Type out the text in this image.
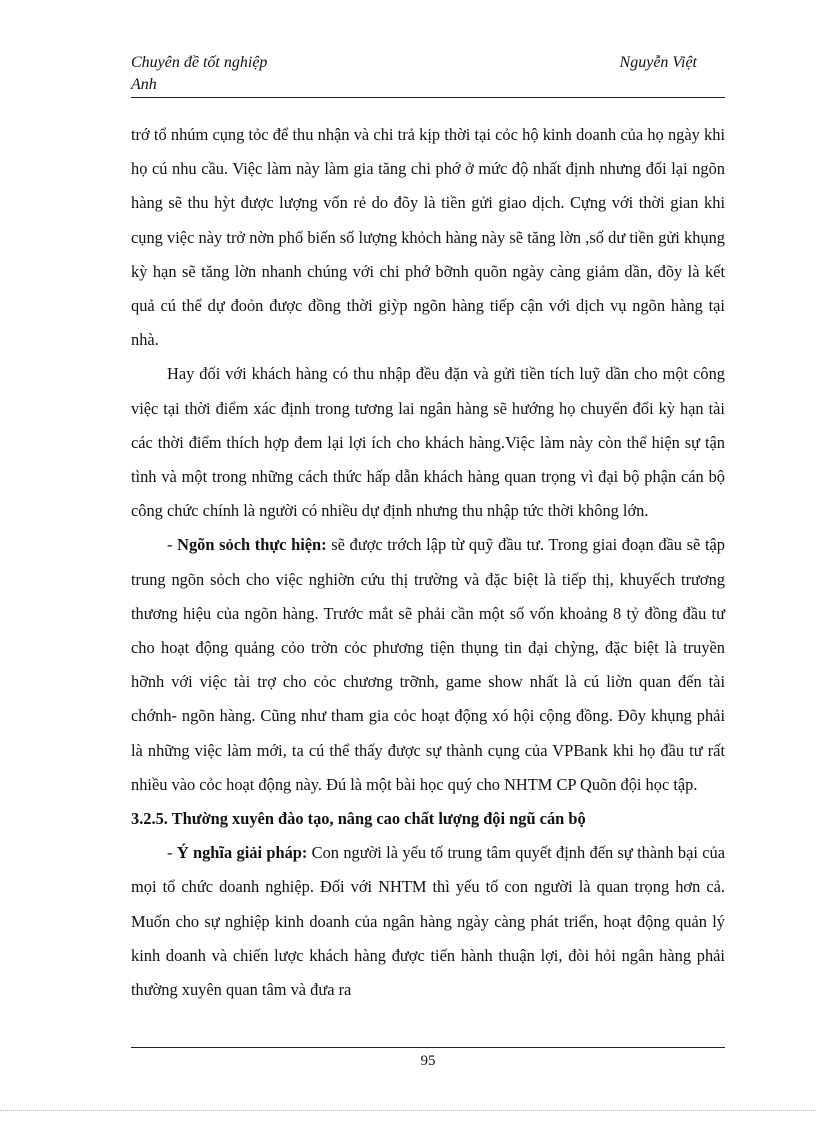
Chuyên đề tốt nghiệp
Anh
Nguyễn Việt

trớ tổ nhúm cụng tỏc để thu nhận và chi trả kịp thời tại cỏc hộ kinh doanh của họ ngày khi họ cú nhu cầu. Việc làm này làm gia tăng chi phớ ở mức độ nhất định nhưng đổi lại ngõn hàng sẽ thu hỳt được lượng vốn rẻ do đõy là tiền gửi giao dịch. Cựng với thời gian khi cụng việc này trở nờn phổ biến số lượng khỏch hàng này sẽ tăng lờn ,số dư tiền gửi khụng kỳ hạn sẽ tăng lờn nhanh chúng với chi phớ bỡnh quõn ngày càng giảm dần, đõy là kết quả cú thể dự đoỏn được đồng thời giỳp ngõn hàng tiếp cận với dịch vụ ngõn hàng tại nhà.

Hay đối với khách hàng có thu nhập đều đặn và gửi tiền tích luỹ dần cho một công việc tại thời điểm xác định trong tương lai ngân hàng sẽ hướng họ chuyển đổi kỳ hạn tài các thời điểm thích hợp đem lại lợi ích cho khách hàng.Việc làm này còn thể hiện sự tận tình và một trong những cách thức hấp dẫn khách hàng quan trọng vì đại bộ phận cán bộ công chức chính là người có nhiều dự định nhưng thu nhập tức thời không lớn.

- Ngõn sỏch thực hiện: sẽ được trớch lập từ quỹ đầu tư. Trong giai đoạn đầu sẽ tập trung ngõn sỏch cho việc nghiờn cứu thị trường và đặc biệt là tiếp thị, khuyếch trương thương hiệu của ngõn hàng. Trước mắt sẽ phải cần một số vốn khoảng 8 tỷ đồng đầu tư cho hoạt động quảng cỏo trờn cỏc phương tiện thụng tin đại chỳng, đặc biệt là truyền hỡnh với việc tài trợ cho cỏc chương trỡnh, game show nhất là cú liờn quan đến tài chớnh- ngõn hàng. Cũng như tham gia cỏc hoạt động xó hội cộng đồng. Đõy khụng phải là những việc làm mới, ta cú thể thấy được sự thành cụng của VPBank khi họ đầu tư rất nhiều vào cỏc hoạt động này. Đú là một bài học quý cho NHTM CP Quõn đội học tập.

3.2.5. Thường xuyên đào tạo, nâng cao chất lượng đội ngũ cán bộ

- Ý nghĩa giải pháp: Con người là yếu tố trung tâm quyết định đến sự thành bại của mọi tổ chức doanh nghiệp. Đối với NHTM thì yếu tố con người là quan trọng hơn cả. Muốn cho sự nghiệp kinh doanh của ngân hàng ngày càng phát triển, hoạt động quản lý kinh doanh và chiến lược khách hàng được tiến hành thuận lợi, đòi hỏi ngân hàng phải thường xuyên quan tâm và đưa ra

95
